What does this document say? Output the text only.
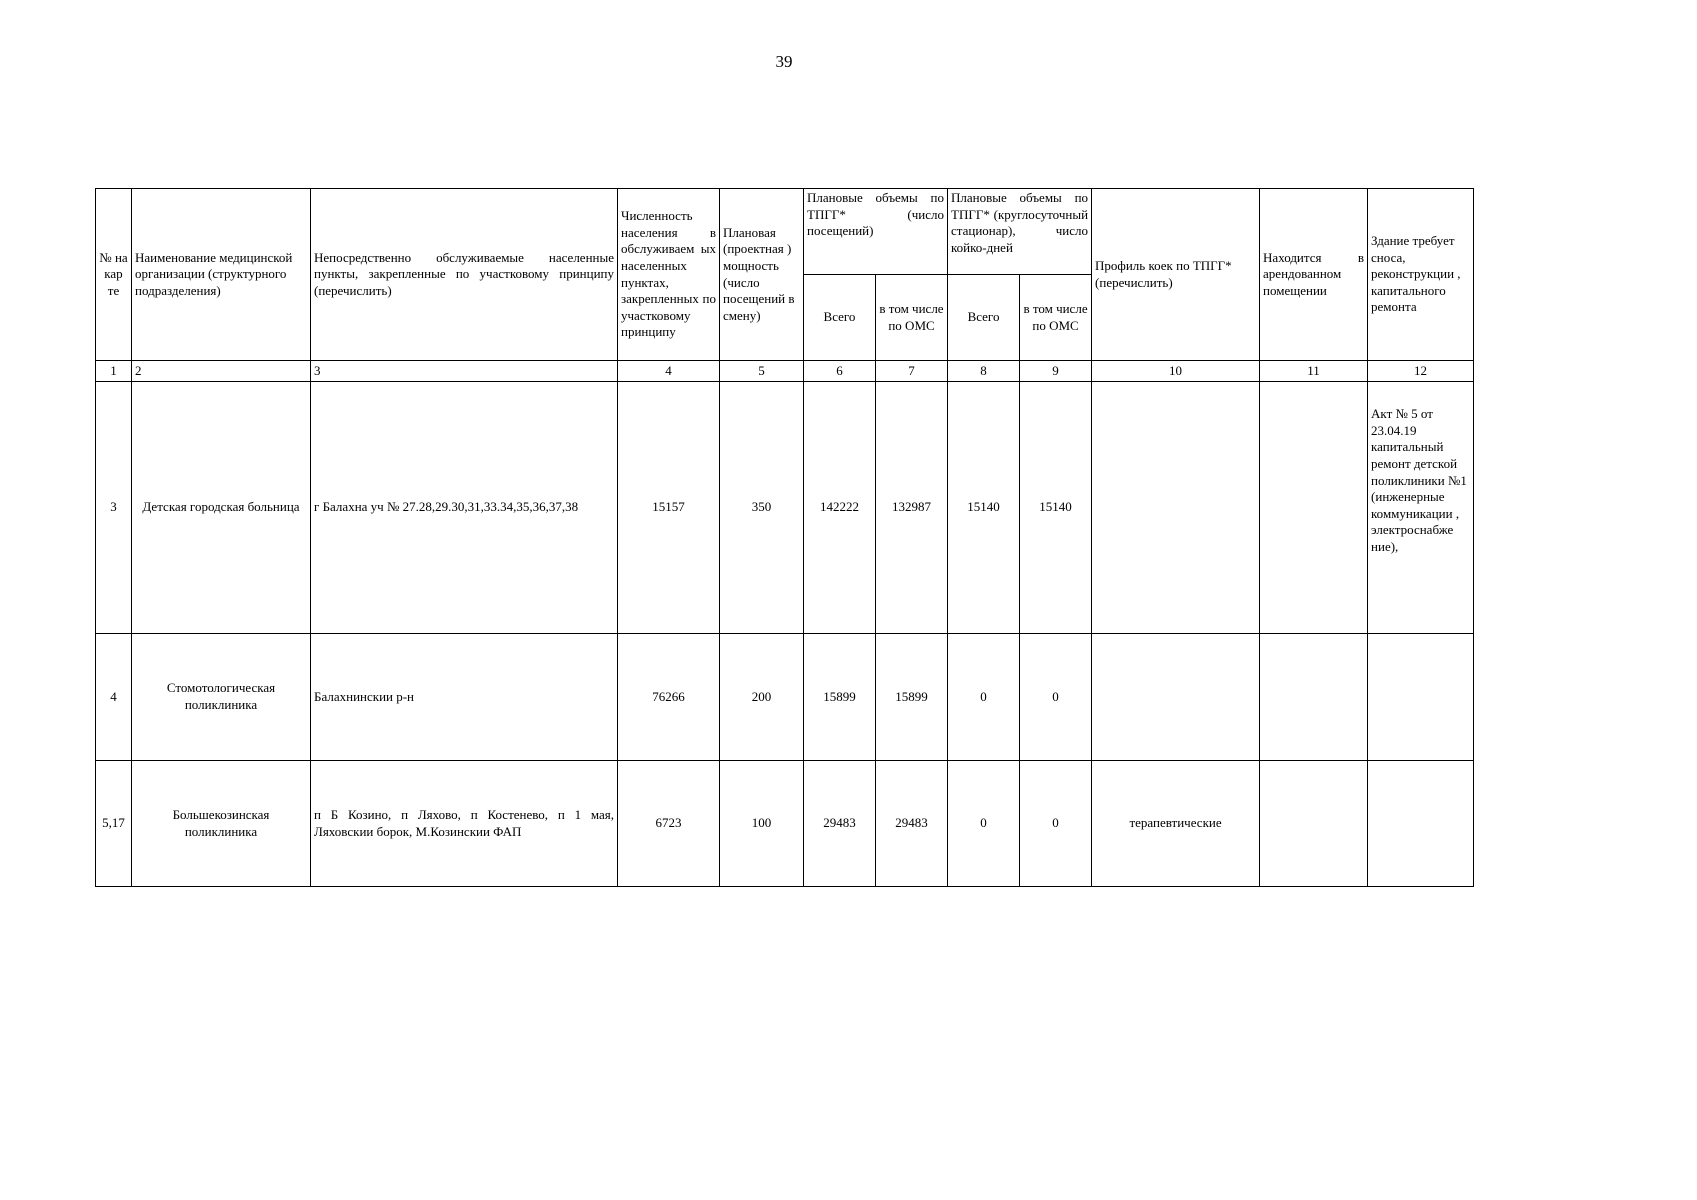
39
№ на кар те	Наименование медицинской организации (структурного подразделения)	Непосредственно обслуживаемые населенные пункты, закрепленные по участковому принципу (перечислить)	Численность населения в обслуживаем ых населенных пунктах, закрепленных по участковому принципу	Плановая (проектная ) мощность (число посещений в смену)	Плановые объемы по ТПГГ* (число посещений)		Плановые объемы по ТПГГ* (круглосуточный стационар), число койко-дней		Профиль коек по ТПГГ* (перечислить)	Находится в арендованном помещении	Здание требует сноса, реконструкции , капитального ремонта
					Всего	в том числе по ОМС	Всего	в том числе по ОМС			
1	2	3	4	5	6	7	8	9	10	11	12
3	Детская городская больница	г Балахна уч № 27.28,29.30,31,33.34,35,36,37,38	15157	350	142222	132987	15140	15140			Акт № 5 от 23.04.19 капитальный ремонт детской поликлиники №1 (инженерные коммуникации , электроснабже ние),
4	Стомотологическая поликлиника	Балахнинскии р-н	76266	200	15899	15899	0	0			
5,17	Большекозинская поликлиника	п Б Козино, п Ляхово, п Костенево, п 1 мая, Ляховскии борок, М.Козинскии ФАП	6723	100	29483	29483	0	0	терапевтические		
